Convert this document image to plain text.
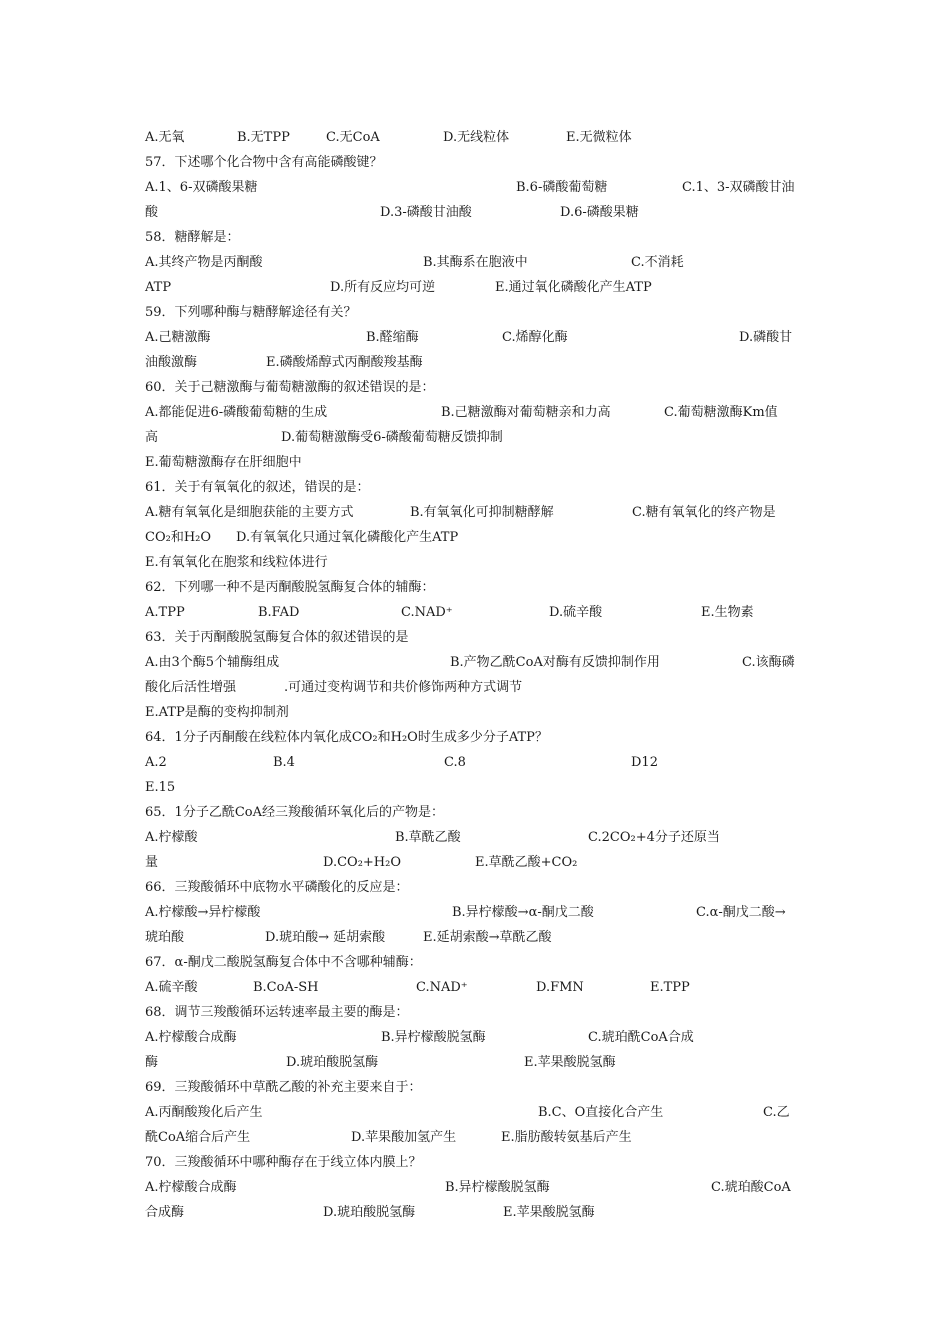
A.无氧	B.无TPP	C.无CoA	D.无线粒体	E.无微粒体
57．下述哪个化合物中含有高能磷酸键？
A.1、6-双磷酸果糖	B.6-磷酸葡萄糖	C.1、3-双磷酸甘油
酸	D.3-磷酸甘油酸	D.6-磷酸果糖
58．糖酵解是：
A.其终产物是丙酮酸	B.其酶系在胞液中	C.不消耗
ATP	D.所有反应均可逆	E.通过氧化磷酸化产生ATP
59．下列哪种酶与糖酵解途径有关？
A.己糖激酶	B.醛缩酶	C.烯醇化酶	D.磷酸甘
油酸激酶	E.磷酸烯醇式丙酮酸羧基酶
60．关于己糖激酶与葡萄糖激酶的叙述错误的是：
A.都能促进6-磷酸葡萄糖的生成	B.己糖激酶对葡萄糖亲和力高	C.葡萄糖激酶Km值
高	D.葡萄糖激酶受6-磷酸葡萄糖反馈抑制
E.葡萄糖激酶存在肝细胞中
61．关于有氧氧化的叙述，错误的是：
A.糖有氧氧化是细胞获能的主要方式	B.有氧氧化可抑制糖酵解	C.糖有氧氧化的终产物是
CO₂和H₂O D.有氧氧化只通过氧化磷酸化产生ATP
E.有氧氧化在胞浆和线粒体进行
62．下列哪一种不是丙酮酸脱氢酶复合体的辅酶：
A.TPP	B.FAD	C.NAD⁺	D.硫辛酸	E.生物素
63．关于丙酮酸脱氢酶复合体的叙述错误的是
A.由3个酶5个辅酶组成	B.产物乙酰CoA对酶有反馈抑制作用	C.该酶磷
酸化后活性增强	.可通过变构调节和共价修饰两种方式调节
E.ATP是酶的变构抑制剂
64．1分子丙酮酸在线粒体内氧化成CO₂和H₂O时生成多少分子ATP？
A.2	B.4	C.8	D12
E.15
65．1分子乙酰CoA经三羧酸循环氧化后的产物是：
A.柠檬酸	B.草酰乙酸	C.2CO₂+4分子还原当
量	D.CO₂+H₂O	E.草酰乙酸+CO₂
66．三羧酸循环中底物水平磷酸化的反应是：
A.柠檬酸→异柠檬酸	B.异柠檬酸→α-酮戊二酸	C.α-酮戊二酸→
琥珀酸	D.琥珀酸→ 延胡索酸	E.延胡索酸→草酰乙酸
67．α-酮戊二酸脱氢酶复合体中不含哪种辅酶：
A.硫辛酸	B.CoA-SH	C.NAD⁺	D.FMN	E.TPP
68．调节三羧酸循环运转速率最主要的酶是：
A.柠檬酸合成酶	B.异柠檬酸脱氢酶	C.琥珀酰CoA合成
酶	D.琥珀酸脱氢酶	E.苹果酸脱氢酶
69．三羧酸循环中草酰乙酸的补充主要来自于：
A.丙酮酸羧化后产生	B.C、O直接化合产生	C.乙
酰CoA缩合后产生	D.苹果酸加氢产生	E.脂肪酸转氨基后产生
70．三羧酸循环中哪种酶存在于线立体内膜上？
A.柠檬酸合成酶	B.异柠檬酸脱氢酶	C.琥珀酸CoA
合成酶	D.琥珀酸脱氢酶	E.苹果酸脱氢酶
